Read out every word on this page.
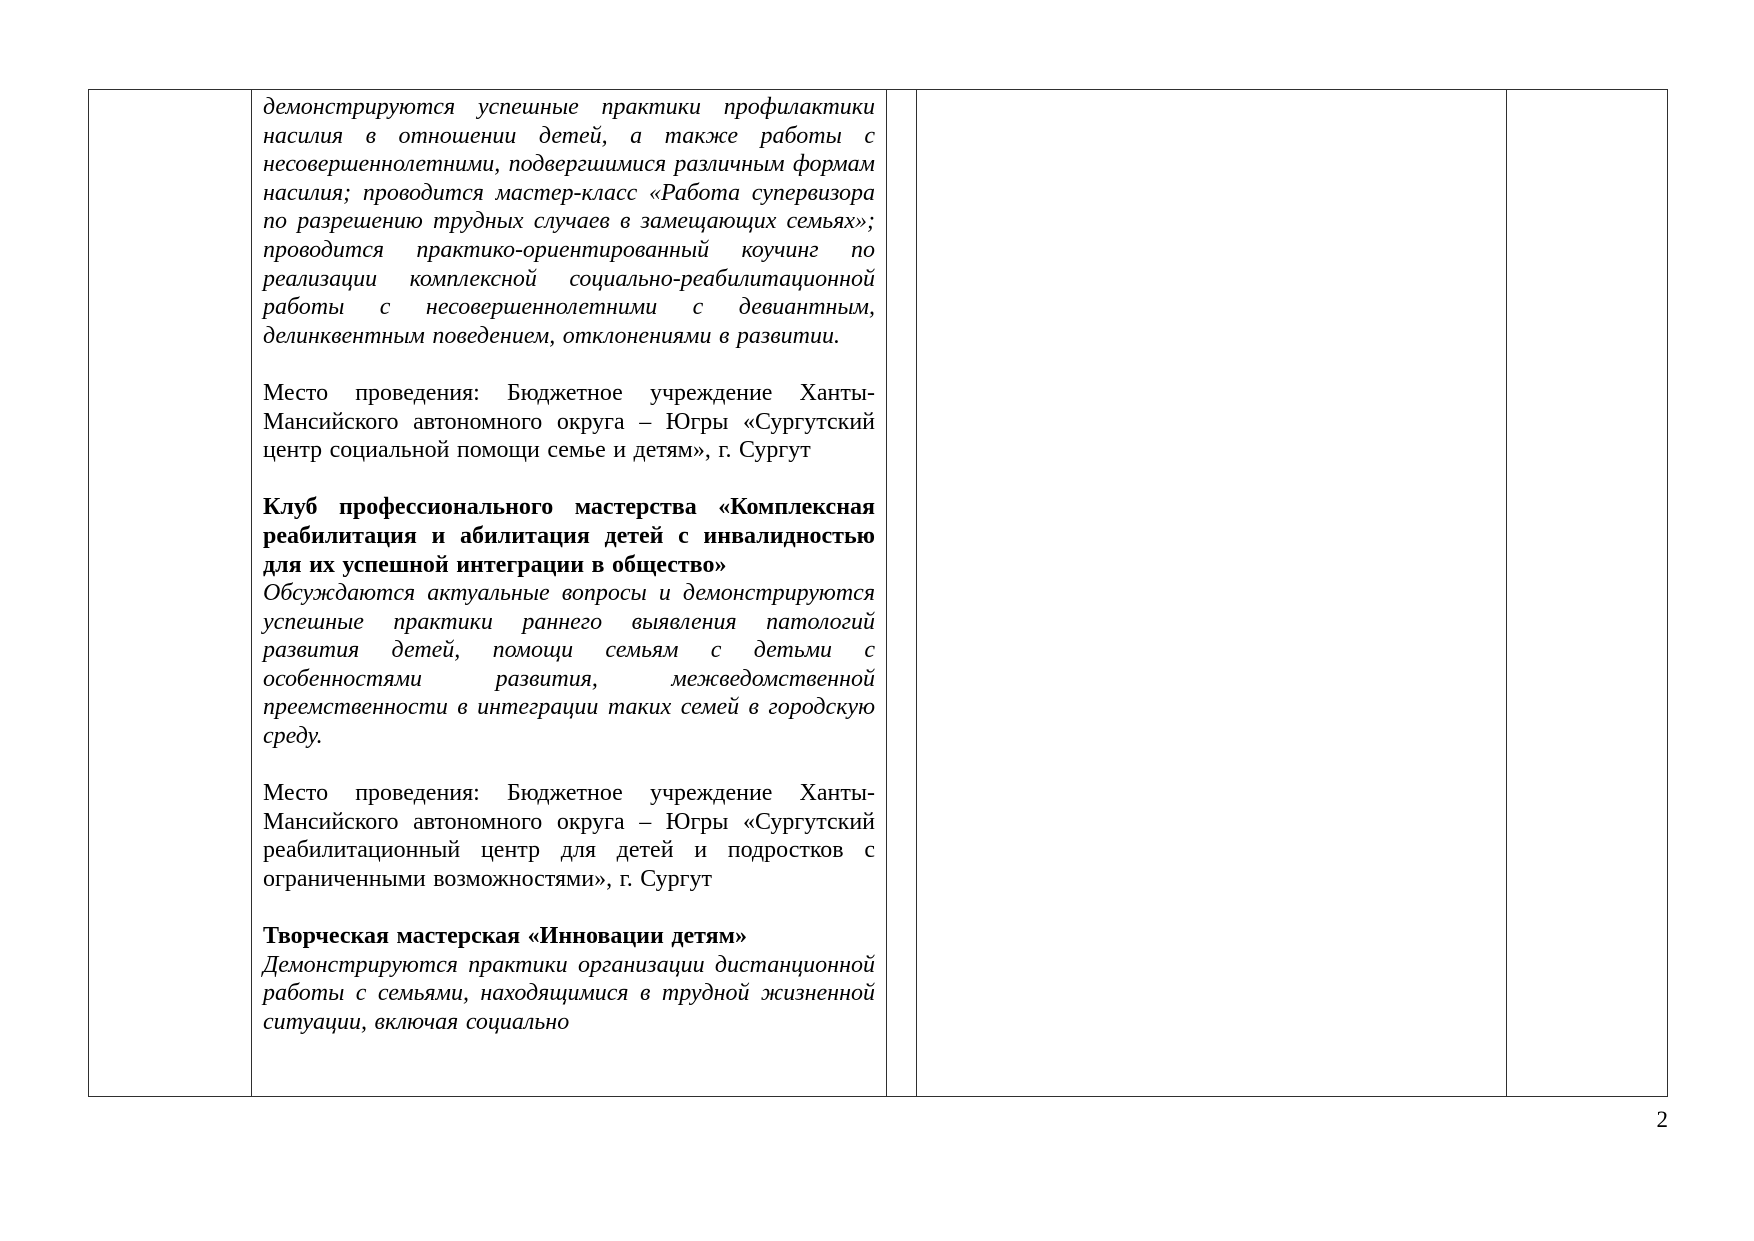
демонстрируются успешные практики профилактики насилия в отношении детей, а также работы с несовершеннолетними, подвергшимися различным формам насилия; проводится мастер-класс «Работа супервизора по разрешению трудных случаев в замещающих семьях»; проводится практико-ориентированный коучинг по реализации комплексной социально-реабилитационной работы с несовершеннолетними с девиантным, делинквентным поведением, отклонениями в развитии.

Место проведения: Бюджетное учреждение Ханты-Мансийского автономного округа – Югры «Сургутский центр социальной помощи семье и детям», г. Сургут

Клуб профессионального мастерства «Комплексная реабилитация и абилитация детей с инвалидностью для их успешной интеграции в общество»

Обсуждаются актуальные вопросы и демонстрируются успешные практики раннего выявления патологий развития детей, помощи семьям с детьми с особенностями развития, межведомственной преемственности в интеграции таких семей в городскую среду.

Место проведения: Бюджетное учреждение Ханты-Мансийского автономного округа – Югры «Сургутский реабилитационный центр для детей и подростков с ограниченными возможностями», г. Сургут

Творческая мастерская «Инновации детям»

Демонстрируются практики организации дистанционной работы с семьями, находящимися в трудной жизненной ситуации, включая социально

2
